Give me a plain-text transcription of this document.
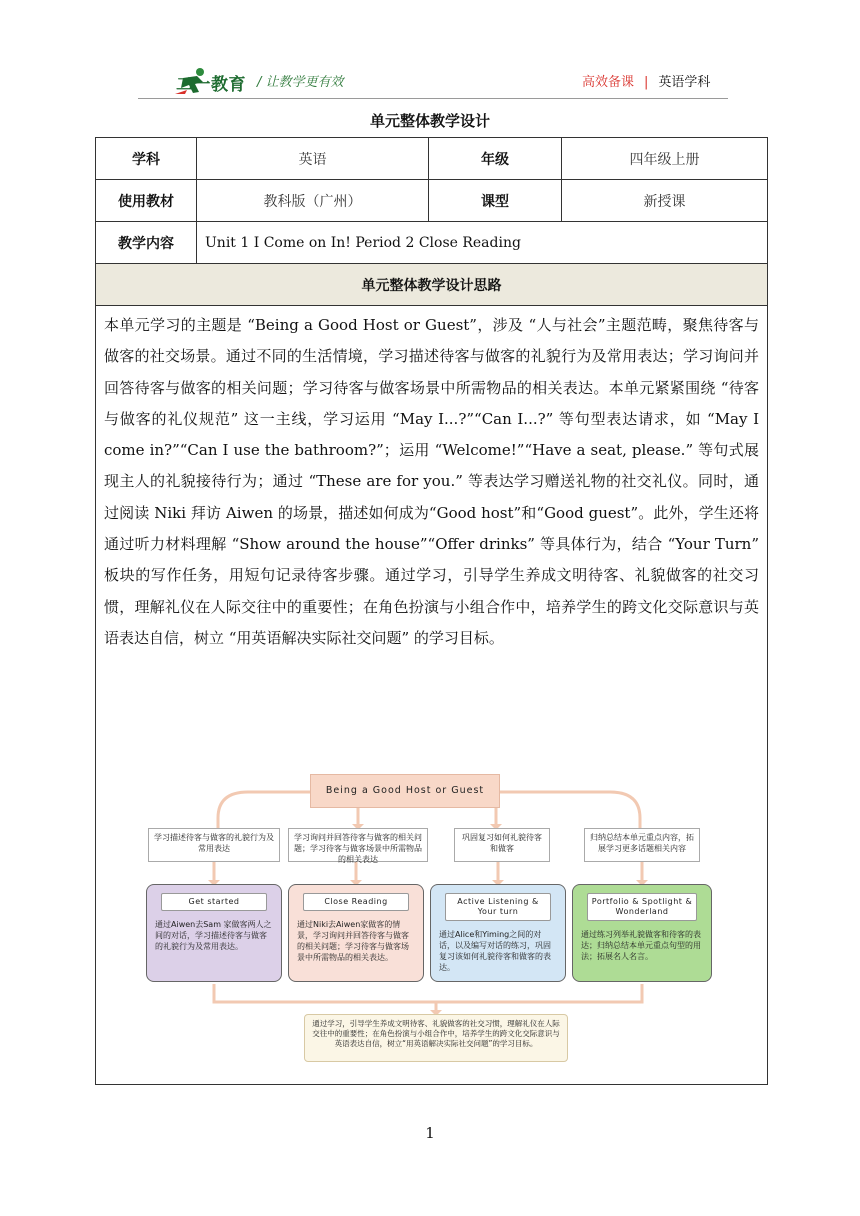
二一教育 / 让教学更有效	高效备课 | 英语学科
单元整体教学设计
学科	英语	年级	四年级上册
使用教材	教科版（广州）	课型	新授课
教学内容	Unit 1 I Come on In! Period 2 Close Reading		
单元整体教学设计思路			

本单元学习的主题是 “Being a Good Host or Guest”，涉及 “人与社会”主题范畴，聚焦待客与做客的社交场景。通过不同的生活情境，学习描述待客与做客的礼貌行为及常用表达；学习询问并回答待客与做客的相关问题；学习待客与做客场景中所需物品的相关表达。本单元紧紧围绕 “待客与做客的礼仪规范” 这一主线，学习运用 “May I...?”“Can I...?” 等句型表达请求，如 “May I come in?”“Can I use the bathroom?”；运用 “Welcome!”“Have a seat, please.” 等句式展现主人的礼貌接待行为；通过 “These are for you.” 等表达学习赠送礼物的社交礼仪。同时，通过阅读 Niki 拜访 Aiwen 的场景，描述如何成为“Good host”和“Good guest”。此外，学生还将通过听力材料理解 “Show around the house”“Offer drinks” 等具体行为，结合 “Your Turn” 板块的写作任务，用短句记录待客步骤。通过学习，引导学生养成文明待客、礼貌做客的社交习惯，理解礼仪在人际交往中的重要性；在角色扮演与小组合作中，培养学生的跨文化交际意识与英语表达自信，树立 “用英语解决实际社交问题” 的学习目标。			

Being a Good Host or Guest
学习描述待客与做客的礼貌行为及常用表达
学习询问并回答待客与做客的相关问题；学习待客与做客场景中所需物品的相关表达
巩固复习如何礼貌待客和做客
归纳总结本单元重点内容，拓展学习更多话题相关内容
Get started
通过Aiwen去Sam 家做客两人之间的对话，学习描述待客与做客的礼貌行为及常用表达。
Close Reading
通过Niki去Aiwen家做客的情景，学习询问并回答待客与做客的相关问题；学习待客与做客场景中所需物品的相关表达。
Active Listening & Your turn
通过Alice和Yiming之间的对话，以及编写对话的练习，巩固复习该如何礼貌待客和做客的表达。
Portfolio & Spotlight & Wonderland
通过练习列举礼貌做客和待客的表达；归纳总结本单元重点句型的用法；拓展名人名言。
通过学习，引导学生养成文明待客、礼貌做客的社交习惯，理解礼仪在人际交往中的重要性；在角色扮演与小组合作中，培养学生的跨文化交际意识与英语表达自信，树立“用英语解决实际社交问题”的学习目标。
1
